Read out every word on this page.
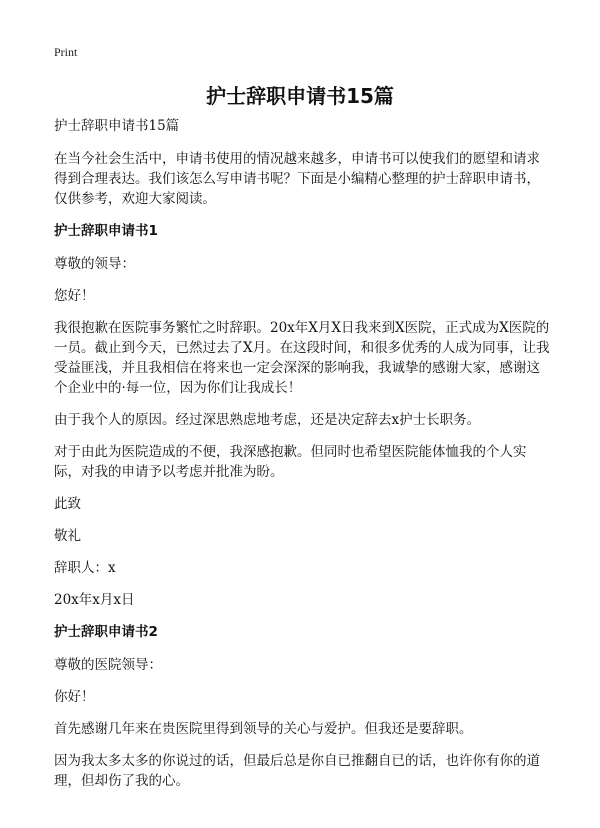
Print
护士辞职申请书15篇

护士辞职申请书15篇

在当今社会生活中，申请书使用的情况越来越多，申请书可以使我们的愿望和请求得到合理表达。我们该怎么写申请书呢？下面是小编精心整理的护士辞职申请书，仅供参考，欢迎大家阅读。

护士辞职申请书1

尊敬的领导：

您好！

我很抱歉在医院事务繁忙之时辞职。20x年X月X日我来到X医院，正式成为X医院的一员。截止到今天，已然过去了X月。在这段时间，和很多优秀的人成为同事，让我受益匪浅，并且我相信在将来也一定会深深的影响我，我诚挚的感谢大家，感谢这个企业中的·每一位，因为你们让我成长！

由于我个人的原因。经过深思熟虑地考虑，还是决定辞去x护士长职务。

对于由此为医院造成的不便，我深感抱歉。但同时也希望医院能体恤我的个人实际，对我的申请予以考虑并批准为盼。

此致

敬礼

辞职人：x

20x年x月x日

护士辞职申请书2

尊敬的医院领导：

你好！

首先感谢几年来在贵医院里得到领导的关心与爱护。但我还是要辞职。

因为我太多太多的你说过的话，但最后总是你自已推翻自已的话，也许你有你的道理，但却伤了我的心。
